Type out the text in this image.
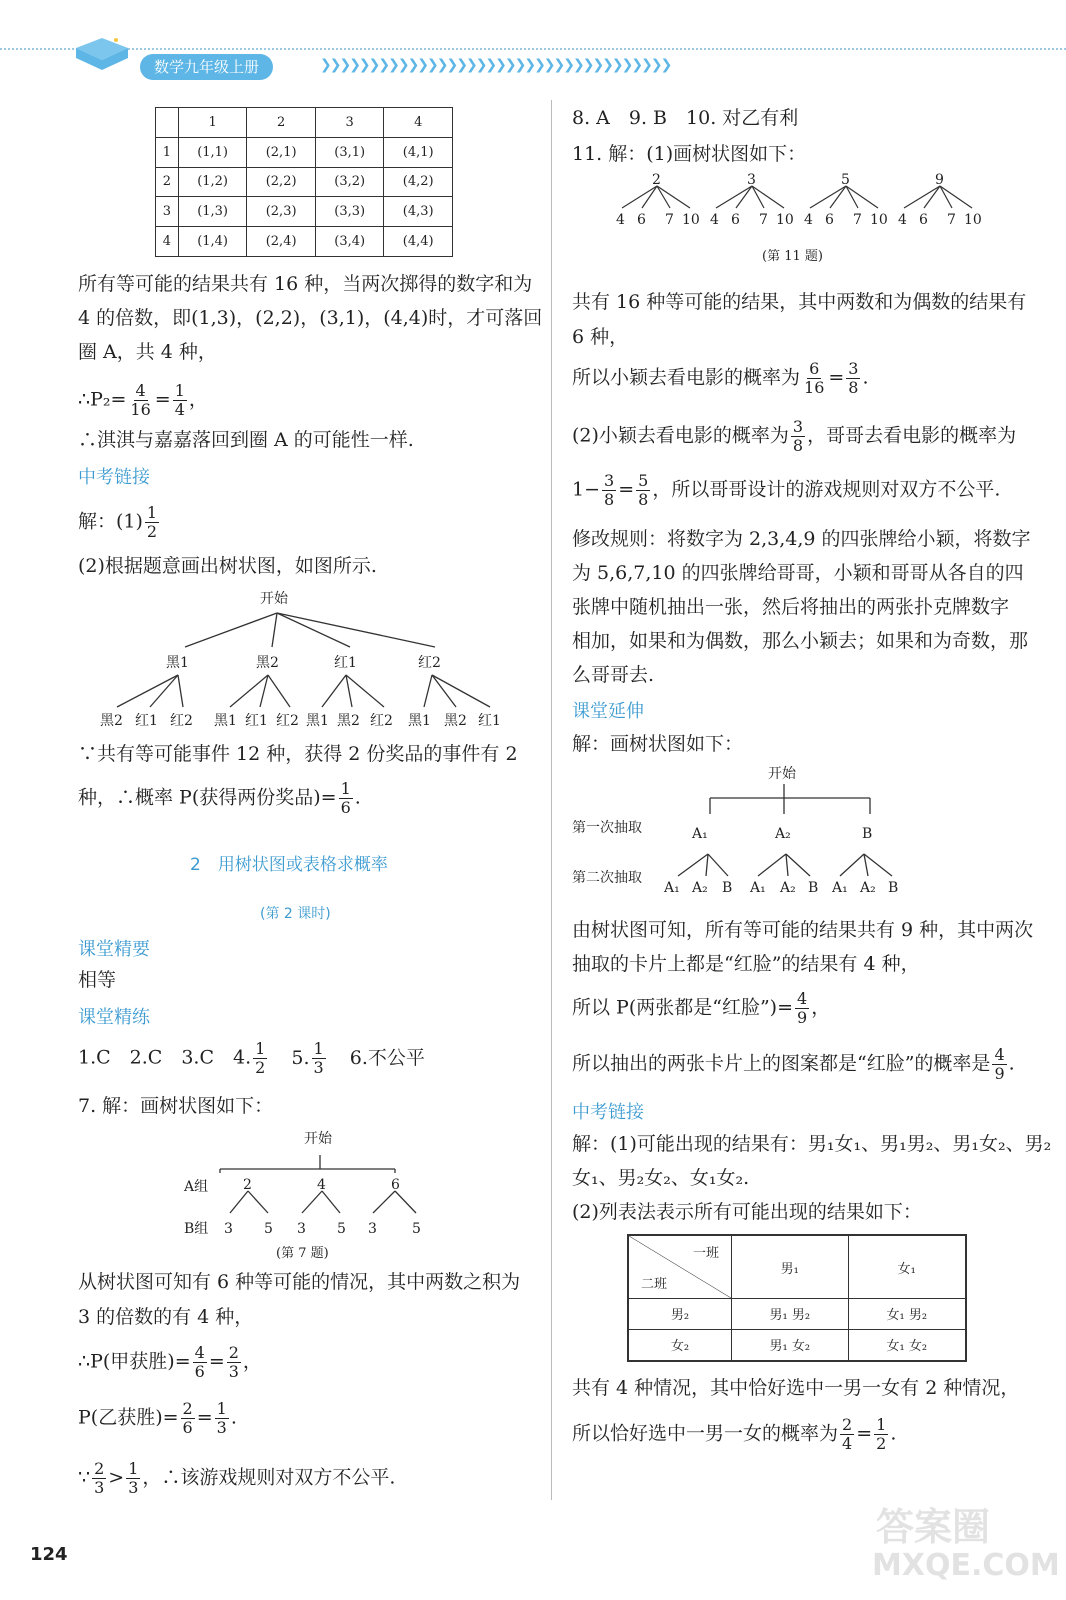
数学九年级上册	❯❯❯❯❯❯❯❯❯❯❯❯❯❯❯❯❯❯❯❯❯❯❯❯❯❯❯❯❯❯❯❯❯❯❯❯
	1	2	3	4
1	(1,1)	(2,1)	(3,1)	(4,1)
2	(1,2)	(2,2)	(3,2)	(4,2)
3	(1,3)	(2,3)	(3,3)	(4,3)
4	(1,4)	(2,4)	(3,4)	(4,4)
所有等可能的结果共有 16 种，当两次掷得的数字和为
4 的倍数，即(1,3)，(2,2)，(3,1)，(4,4)时，才可落回
圈 A，共 4 种，
∴P₂= $\frac{4}{16} = \frac{1}{4}$ ，
∴淇淇与嘉嘉落回到圈 A 的可能性一样.
中考链接
解：$(1) \frac{1}{2}$
(2)根据题意画出树状图，如图所示.
开始
黑1	黑2	红1	红2
黑2 红1 红2 黑1 红1 红2 黑1 黑2 红2 黑1 黑2 红1
∵共有等可能事件 12 种，获得 2 份奖品的事件有 2
种，∴概率 P(获得两份奖品)= $\frac{1}{6}$ .
2　用树状图或表格求概率
(第 2 课时)
课堂精要
相等
课堂精练
1.C　2.C　3.C　4. $\frac{1}{2} 5$. $\frac{1}{3} 6$.不公平
7. 解：画树状图如下：
开始
A组
B组
2	4	6
3 5 3 5 3	5
(第 7 题)
从树状图可知有 6 种等可能的情况，其中两数之积为
3 的倍数的有 4 种，
∴P(甲获胜)= $\frac{4}{6} = \frac{2}{3}$ ，
P(乙获胜)= $\frac{2}{6} = \frac{1}{3}$ .
∵ $\frac{2}{3} > \frac{1}{3}$ ，∴该游戏规则对双方不公平.
124
8. A　9. B　10. 对乙有利
11. 解：(1)画树状图如下：
2	3	5	9
4 6 7 10 4 6 7 10 4 6 7 10 4 6 7 10
(第 11 题)
共有 16 种等可能的结果，其中两数和为偶数的结果有
6 种，
所以小颖去看电影的概率为 $\frac{6}{16} = \frac{3}{8}$ .
(2)小颖去看电影的概率为 $\frac{3}{8}$ ，哥哥去看电影的概率为
$1- \frac{3}{8} = \frac{5}{8}$ ，所以哥哥设计的游戏规则对双方不公平.
修改规则：将数字为 2,3,4,9 的四张牌给小颖，将数字
为 5,6,7,10 的四张牌给哥哥，小颖和哥哥从各自的四
张牌中随机抽出一张，然后将抽出的两张扑克牌数字
相加，如果和为偶数，那么小颖去；如果和为奇数，那
么哥哥去.
课堂延伸
解：画树状图如下：
开始
第一次抽取
第二次抽取
A₁	A₂	B
A₁ A₂ B A₁ A₂ B A₁ A₂ B
由树状图可知，所有等可能的结果共有 9 种，其中两次
抽取的卡片上都是“红脸”的结果有 4 种，
所以 P(两张都是“红脸”)= $\frac{4}{9}$ ，
所以抽出的两张卡片上的图案都是“红脸”的概率是 $\frac{4}{9}$ .
中考链接
解：(1)可能出现的结果有：男₁女₁、男₁男₂、男₁女₂、男₂
女₁、男₂女₂、女₁女₂.
(2)列表法表示所有可能出现的结果如下：
一班
二班	男₁	女₁
男₂	男₁ 男₂	女₁ 男₂
女₂	男₁ 女₂	女₁ 女₂
共有 4 种情况，其中恰好选中一男一女有 2 种情况，
所以恰好选中一男一女的概率为 $\frac{2}{4} = \frac{1}{2}$ .
答案圈
MXQE.COM
